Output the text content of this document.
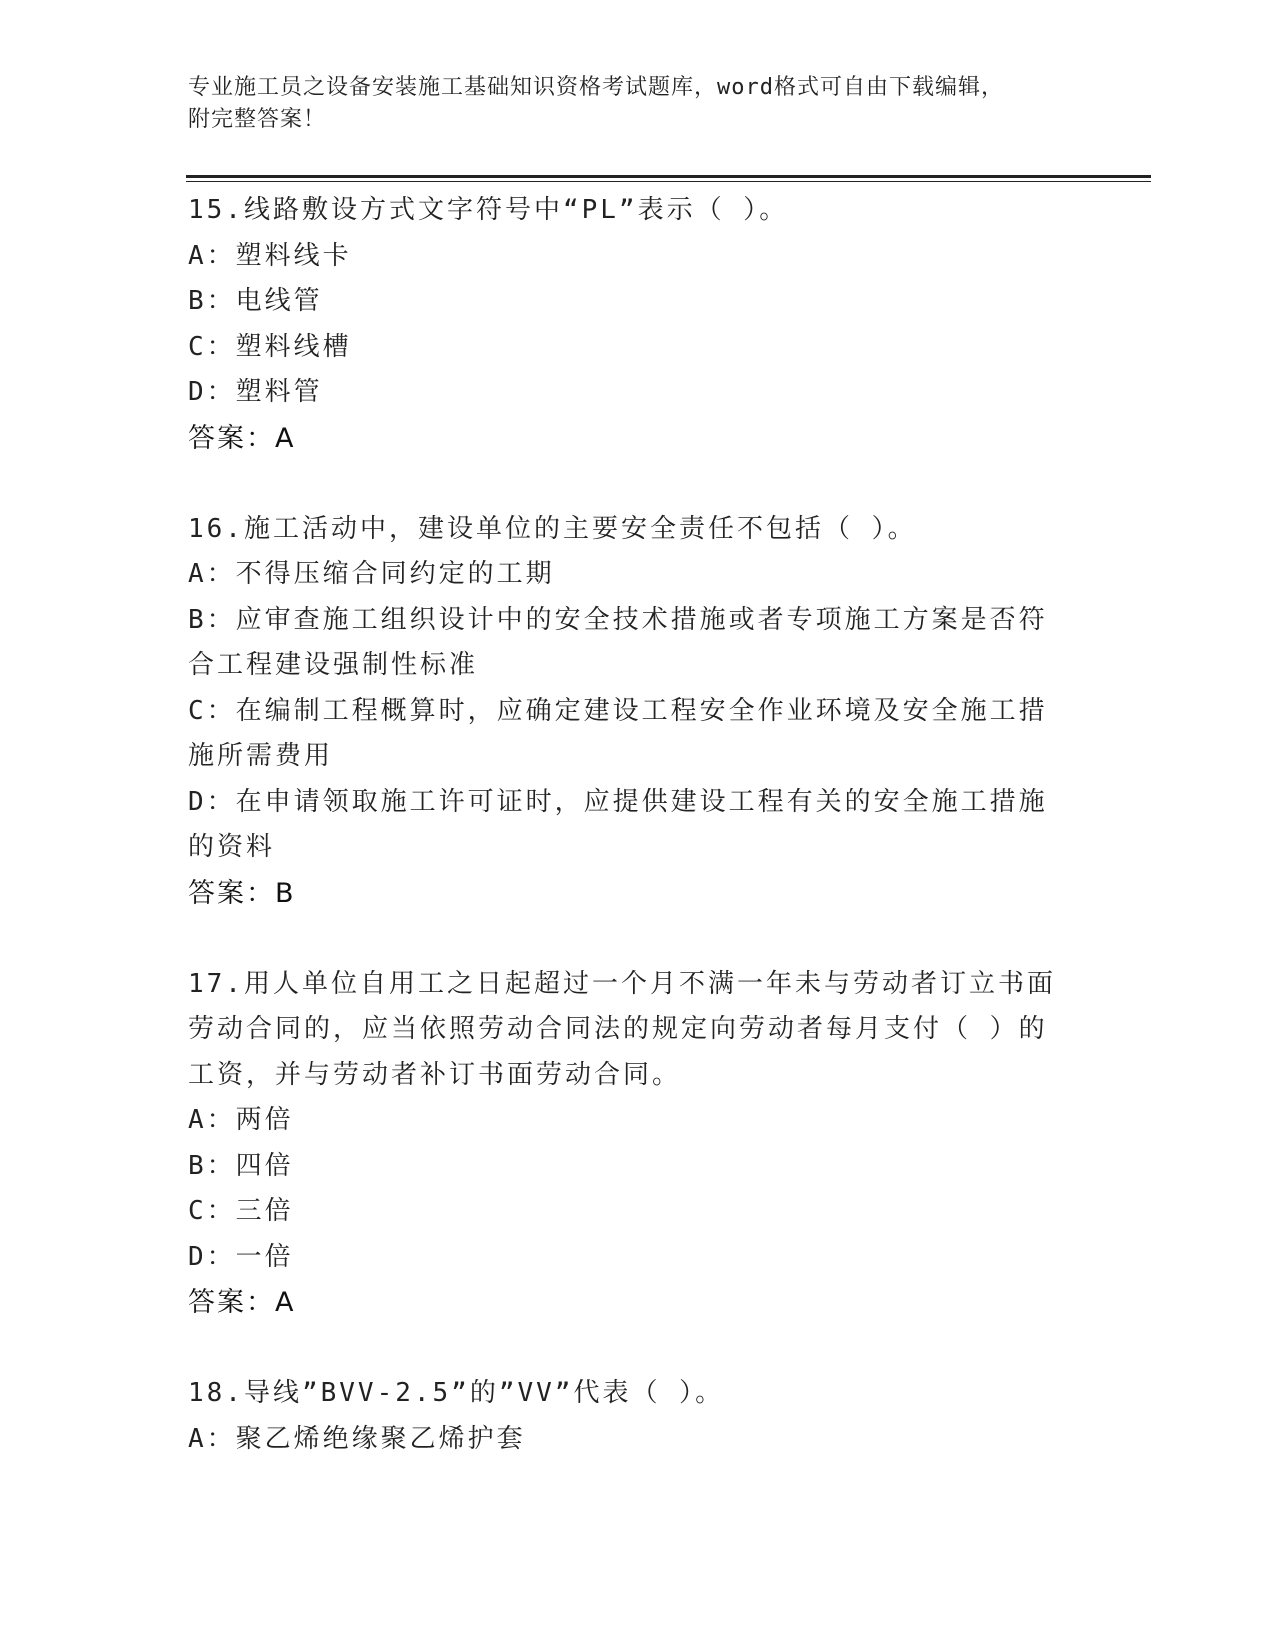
专业施工员之设备安装施工基础知识资格考试题库，word格式可自由下载编辑，
附完整答案！

15.线路敷设方式文字符号中“PL”表示（ ）。

A：塑料线卡

B：电线管

C：塑料线槽

D：塑料管

答案：A

16.施工活动中，建设单位的主要安全责任不包括（ ）。

A：不得压缩合同约定的工期

B：应审查施工组织设计中的安全技术措施或者专项施工方案是否符合工程建设强制性标准

C：在编制工程概算时，应确定建设工程安全作业环境及安全施工措施所需费用

D：在申请领取施工许可证时，应提供建设工程有关的安全施工措施的资料

答案：B

17.用人单位自用工之日起超过一个月不满一年未与劳动者订立书面劳动合同的，应当依照劳动合同法的规定向劳动者每月支付（ ）的工资，并与劳动者补订书面劳动合同。

A：两倍

B：四倍

C：三倍

D：一倍

答案：A

18.导线”BVV-2.5”的”VV”代表（ ）。

A：聚乙烯绝缘聚乙烯护套
